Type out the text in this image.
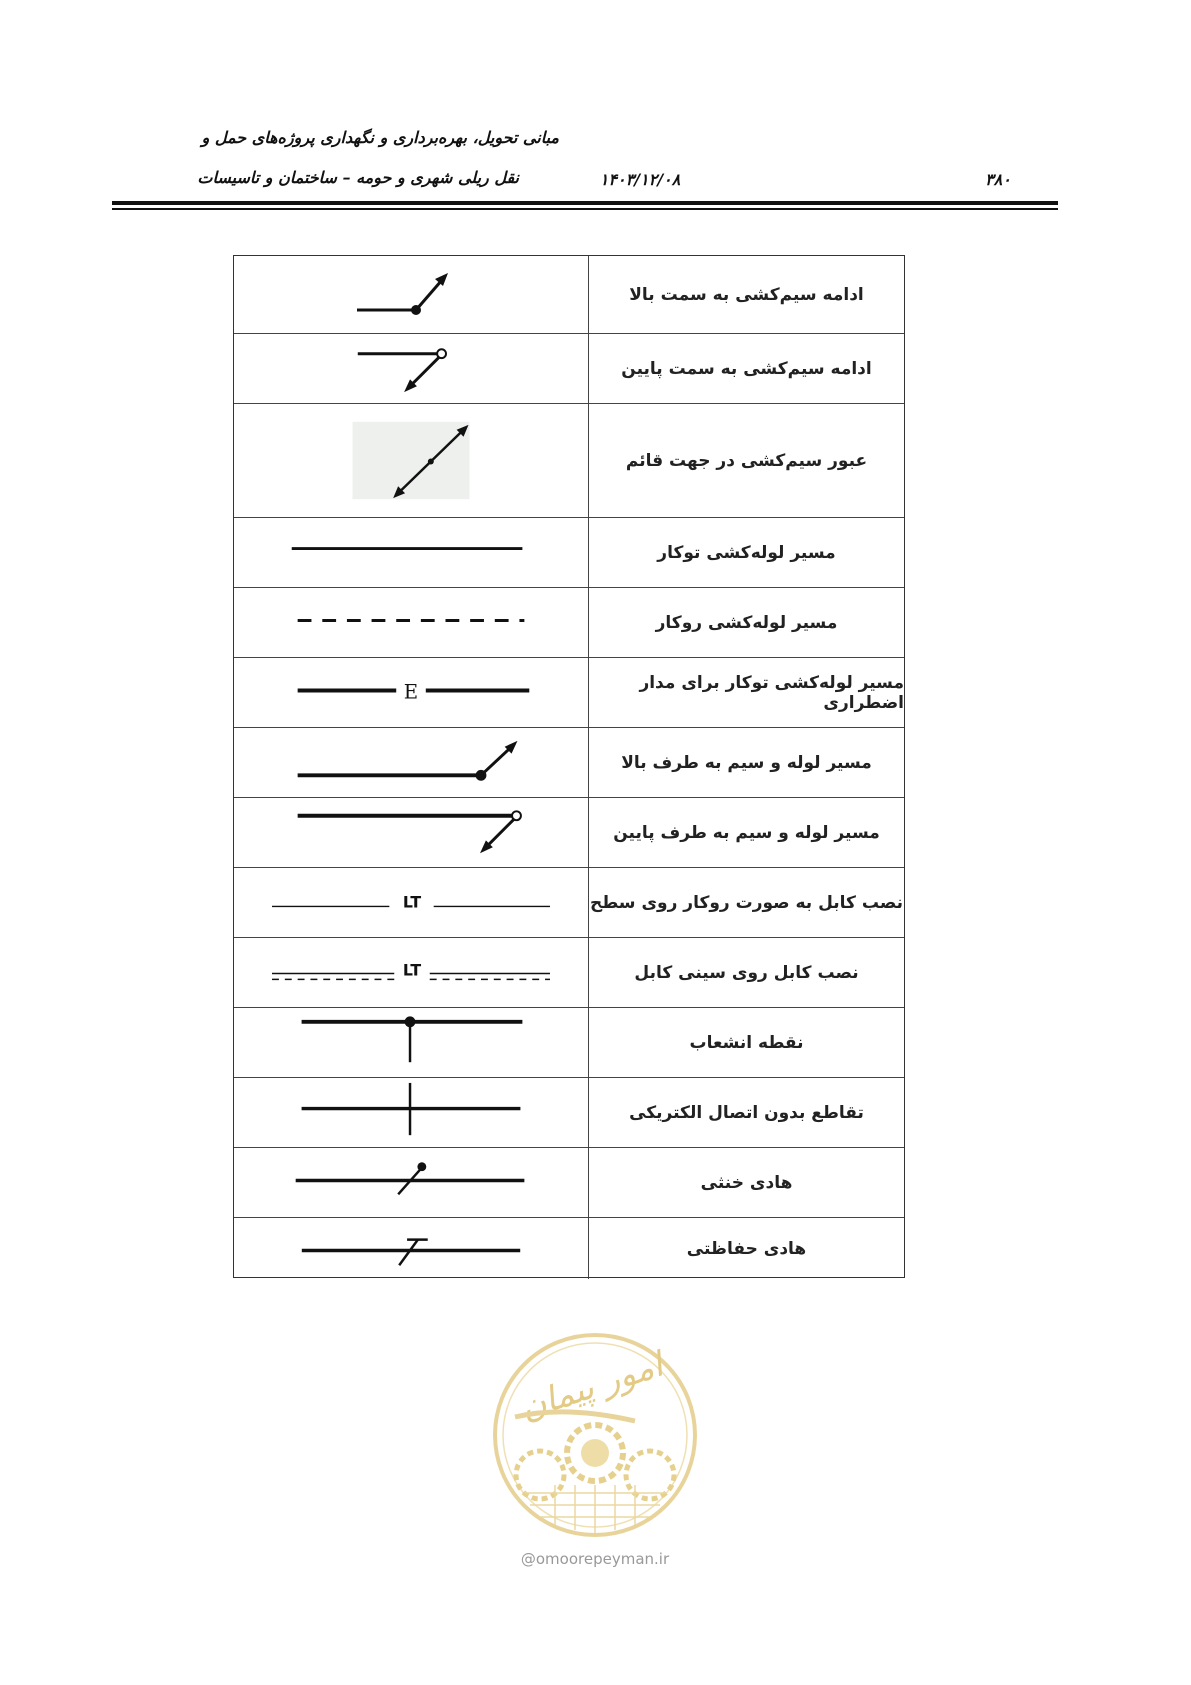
مبانی تحویل، بهره‌برداری و نگهداری پروژه‌های حمل و
نقل ریلی شهری و حومه – ساختمان و تاسیسات	۱۴۰۳/۱۲/۰۸	۳۸۰
ادامه سیم‌کشی به سمت بالا
ادامه سیم‌کشی به سمت پایین
عبور سیم‌کشی در جهت قائم
مسیر لوله‌کشی توکار
مسیر لوله‌کشی روکار
E	مسیر لوله‌کشی توکار برای مدار اضطراری
مسیر لوله و سیم به طرف بالا
مسیر لوله و سیم به طرف پایین
LT	نصب کابل به صورت روکار روی سطح
LT	نصب کابل روی سینی کابل
نقطه انشعاب
تقاطع بدون اتصال الکتریکی
هادی خنثی
هادی حفاظتی
امور پیمان
@omoorepeyman.ir
